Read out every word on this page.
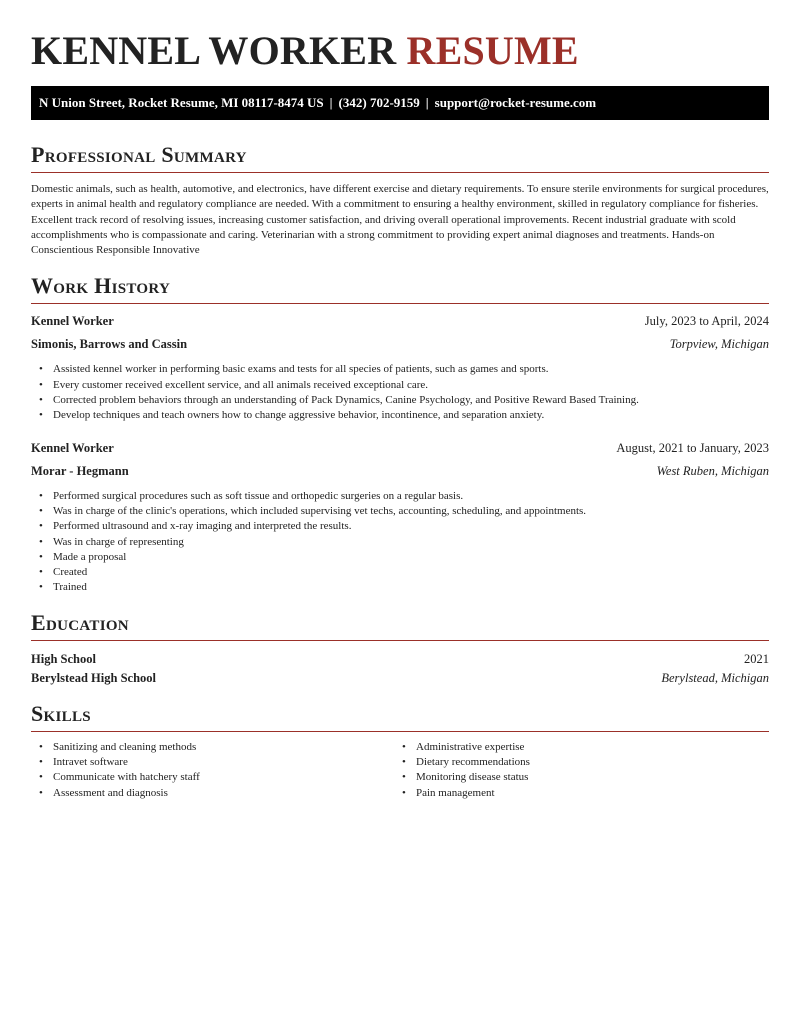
KENNEL WORKER RESUME
N Union Street, Rocket Resume, MI 08117-8474 US | (342) 702-9159 | support@rocket-resume.com
Professional Summary

Domestic animals, such as health, automotive, and electronics, have different exercise and dietary requirements. To ensure sterile environments for surgical procedures, experts in animal health and regulatory compliance are needed. With a commitment to ensuring a healthy environment, skilled in regulatory compliance for fisheries. Excellent track record of resolving issues, increasing customer satisfaction, and driving overall operational improvements. Recent industrial graduate with scold accomplishments who is compassionate and caring. Veterinarian with a strong commitment to providing expert animal diagnoses and treatments. Hands-on Conscientious Responsible Innovative

Work History
Kennel Worker	July, 2023 to April, 2024
Simonis, Barrows and Cassin	Torpview, Michigan
• Assisted kennel worker in performing basic exams and tests for all species of patients, such as games and sports.
• Every customer received excellent service, and all animals received exceptional care.
• Corrected problem behaviors through an understanding of Pack Dynamics, Canine Psychology, and Positive Reward Based Training.
• Develop techniques and teach owners how to change aggressive behavior, incontinence, and separation anxiety.
Kennel Worker	August, 2021 to January, 2023
Morar - Hegmann	West Ruben, Michigan
• Performed surgical procedures such as soft tissue and orthopedic surgeries on a regular basis.
• Was in charge of the clinic's operations, which included supervising vet techs, accounting, scheduling, and appointments.
• Performed ultrasound and x-ray imaging and interpreted the results.
• Was in charge of representing
• Made a proposal
• Created
• Trained
Education
High School	2021
Berylstead High School	Berylstead, Michigan
Skills
• Sanitizing and cleaning methods
• Intravet software
• Communicate with hatchery staff
• Assessment and diagnosis
• Administrative expertise
• Dietary recommendations
• Monitoring disease status
• Pain management
